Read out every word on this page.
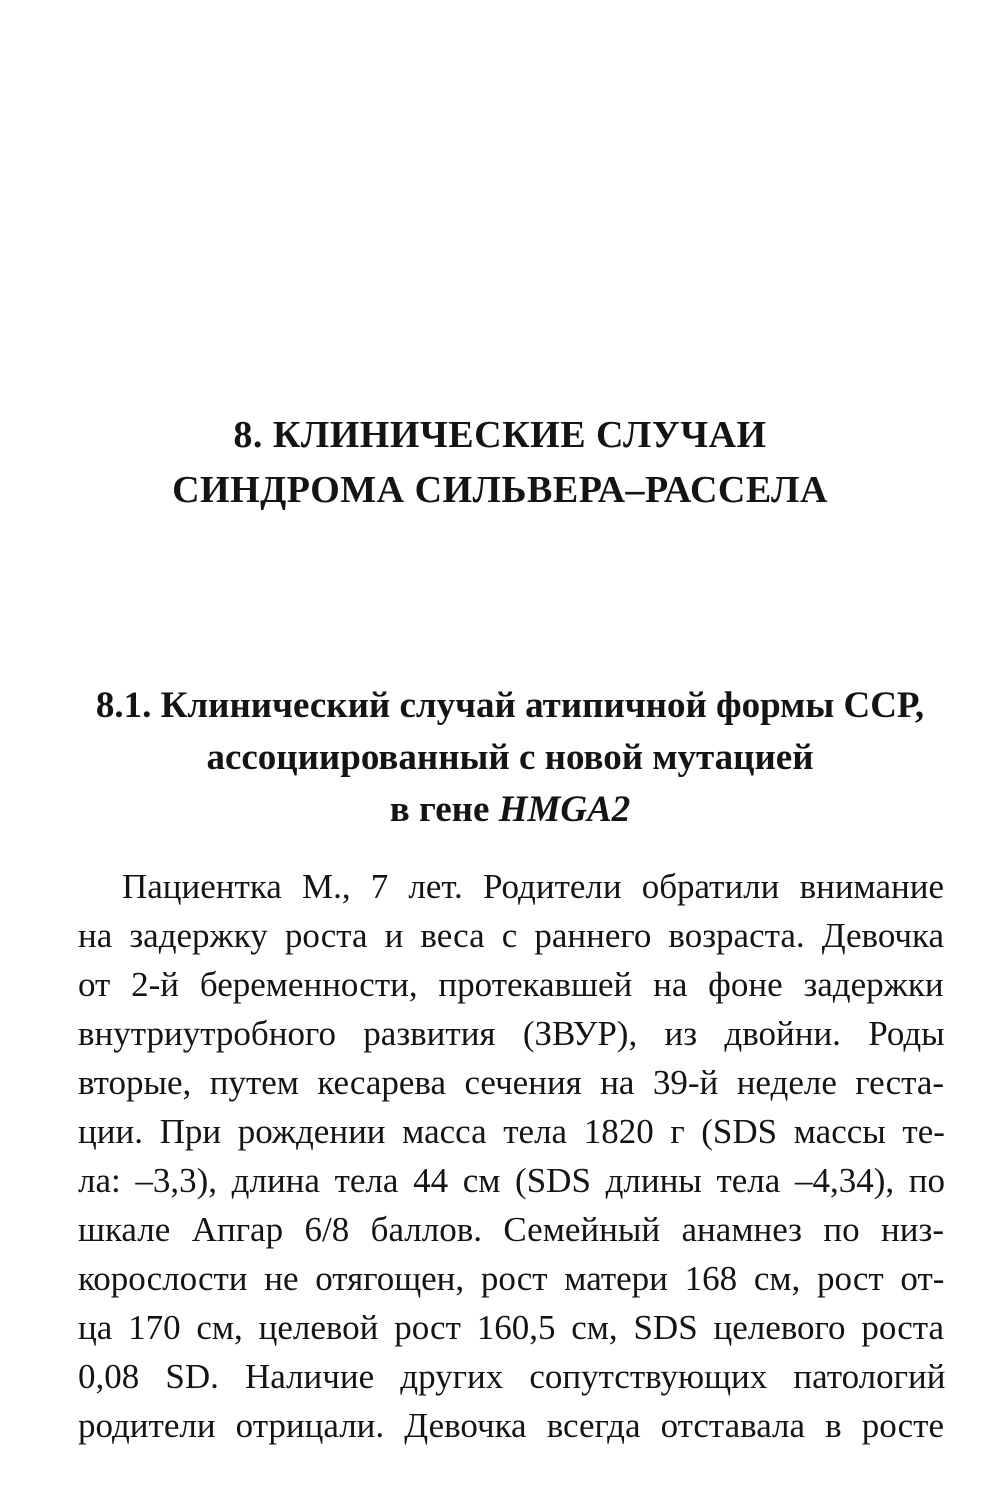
8. КЛИНИЧЕСКИЕ СЛУЧАИ
СИНДРОМА СИЛЬВЕРА–РАССЕЛА
8.1. Клинический случай атипичной формы ССР,
ассоциированный с новой мутацией
в гене HMGA2
Пациентка М., 7 лет. Родители обратили внимание
на задержку роста и веса с раннего возраста. Девочка
от 2-й беременности, протекавшей на фоне задержки
внутриутробного развития (ЗВУР), из двойни. Роды
вторые, путем кесарева сечения на 39-й неделе геста-
ции. При рождении масса тела 1820 г (SDS массы те-
ла: –3,3), длина тела 44 см (SDS длины тела –4,34), по
шкале Апгар 6/8 баллов. Семейный анамнез по низ-
корослости не отягощен, рост матери 168 см, рост от-
ца 170 см, целевой рост 160,5 см, SDS целевого роста
0,08 SD. Наличие других сопутствующих патологий
родители отрицали. Девочка всегда отставала в росте
